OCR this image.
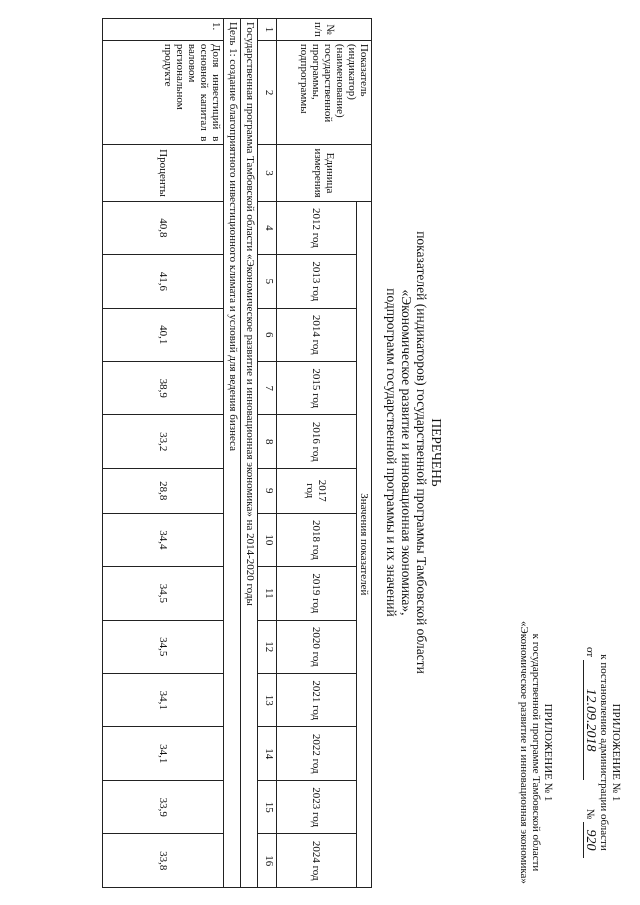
ПРИЛОЖЕНИЕ № 1
к постановлению администрации области
от 12.09.2018 № 920
ПРИЛОЖЕНИЕ № 1
к государственной программе Тамбовской области
«Экономическое развитие и инновационная экономика»
ПЕРЕЧЕНЬ
показателей (индикаторов) государственной программы Тамбовской области
«Экономическое развитие и инновационная экономика»,
подпрограмм государственной программы и их значений
№ п/п	Показатель (индикатор) (наименование) государственной программы, подпрограммы	Единица измерения	Значения показателей												
			2012 год	2013 год	2014 год	2015 год	2016 год	2017 год	2018 год	2019 год	2020 год	2021 год	2022 год	2023 год	2024 год
1	2	3	4	5	6	7	8	9	10	11	12	13	14	15	16
Государственная программа Тамбовской области «Экономическое развитие и инновационная экономика» на 2014-2020 годы															
Цель 1: создание благоприятного инвестиционного климата и условий для ведения бизнеса															
1.	Доля инвестиций в основной капитал в валовом региональном продукте	Проценты	40,8	41,6	40,1	38,9	33,2	28,8	34,4	34,5	34,5	34,1	34,1	33,9	33,8
